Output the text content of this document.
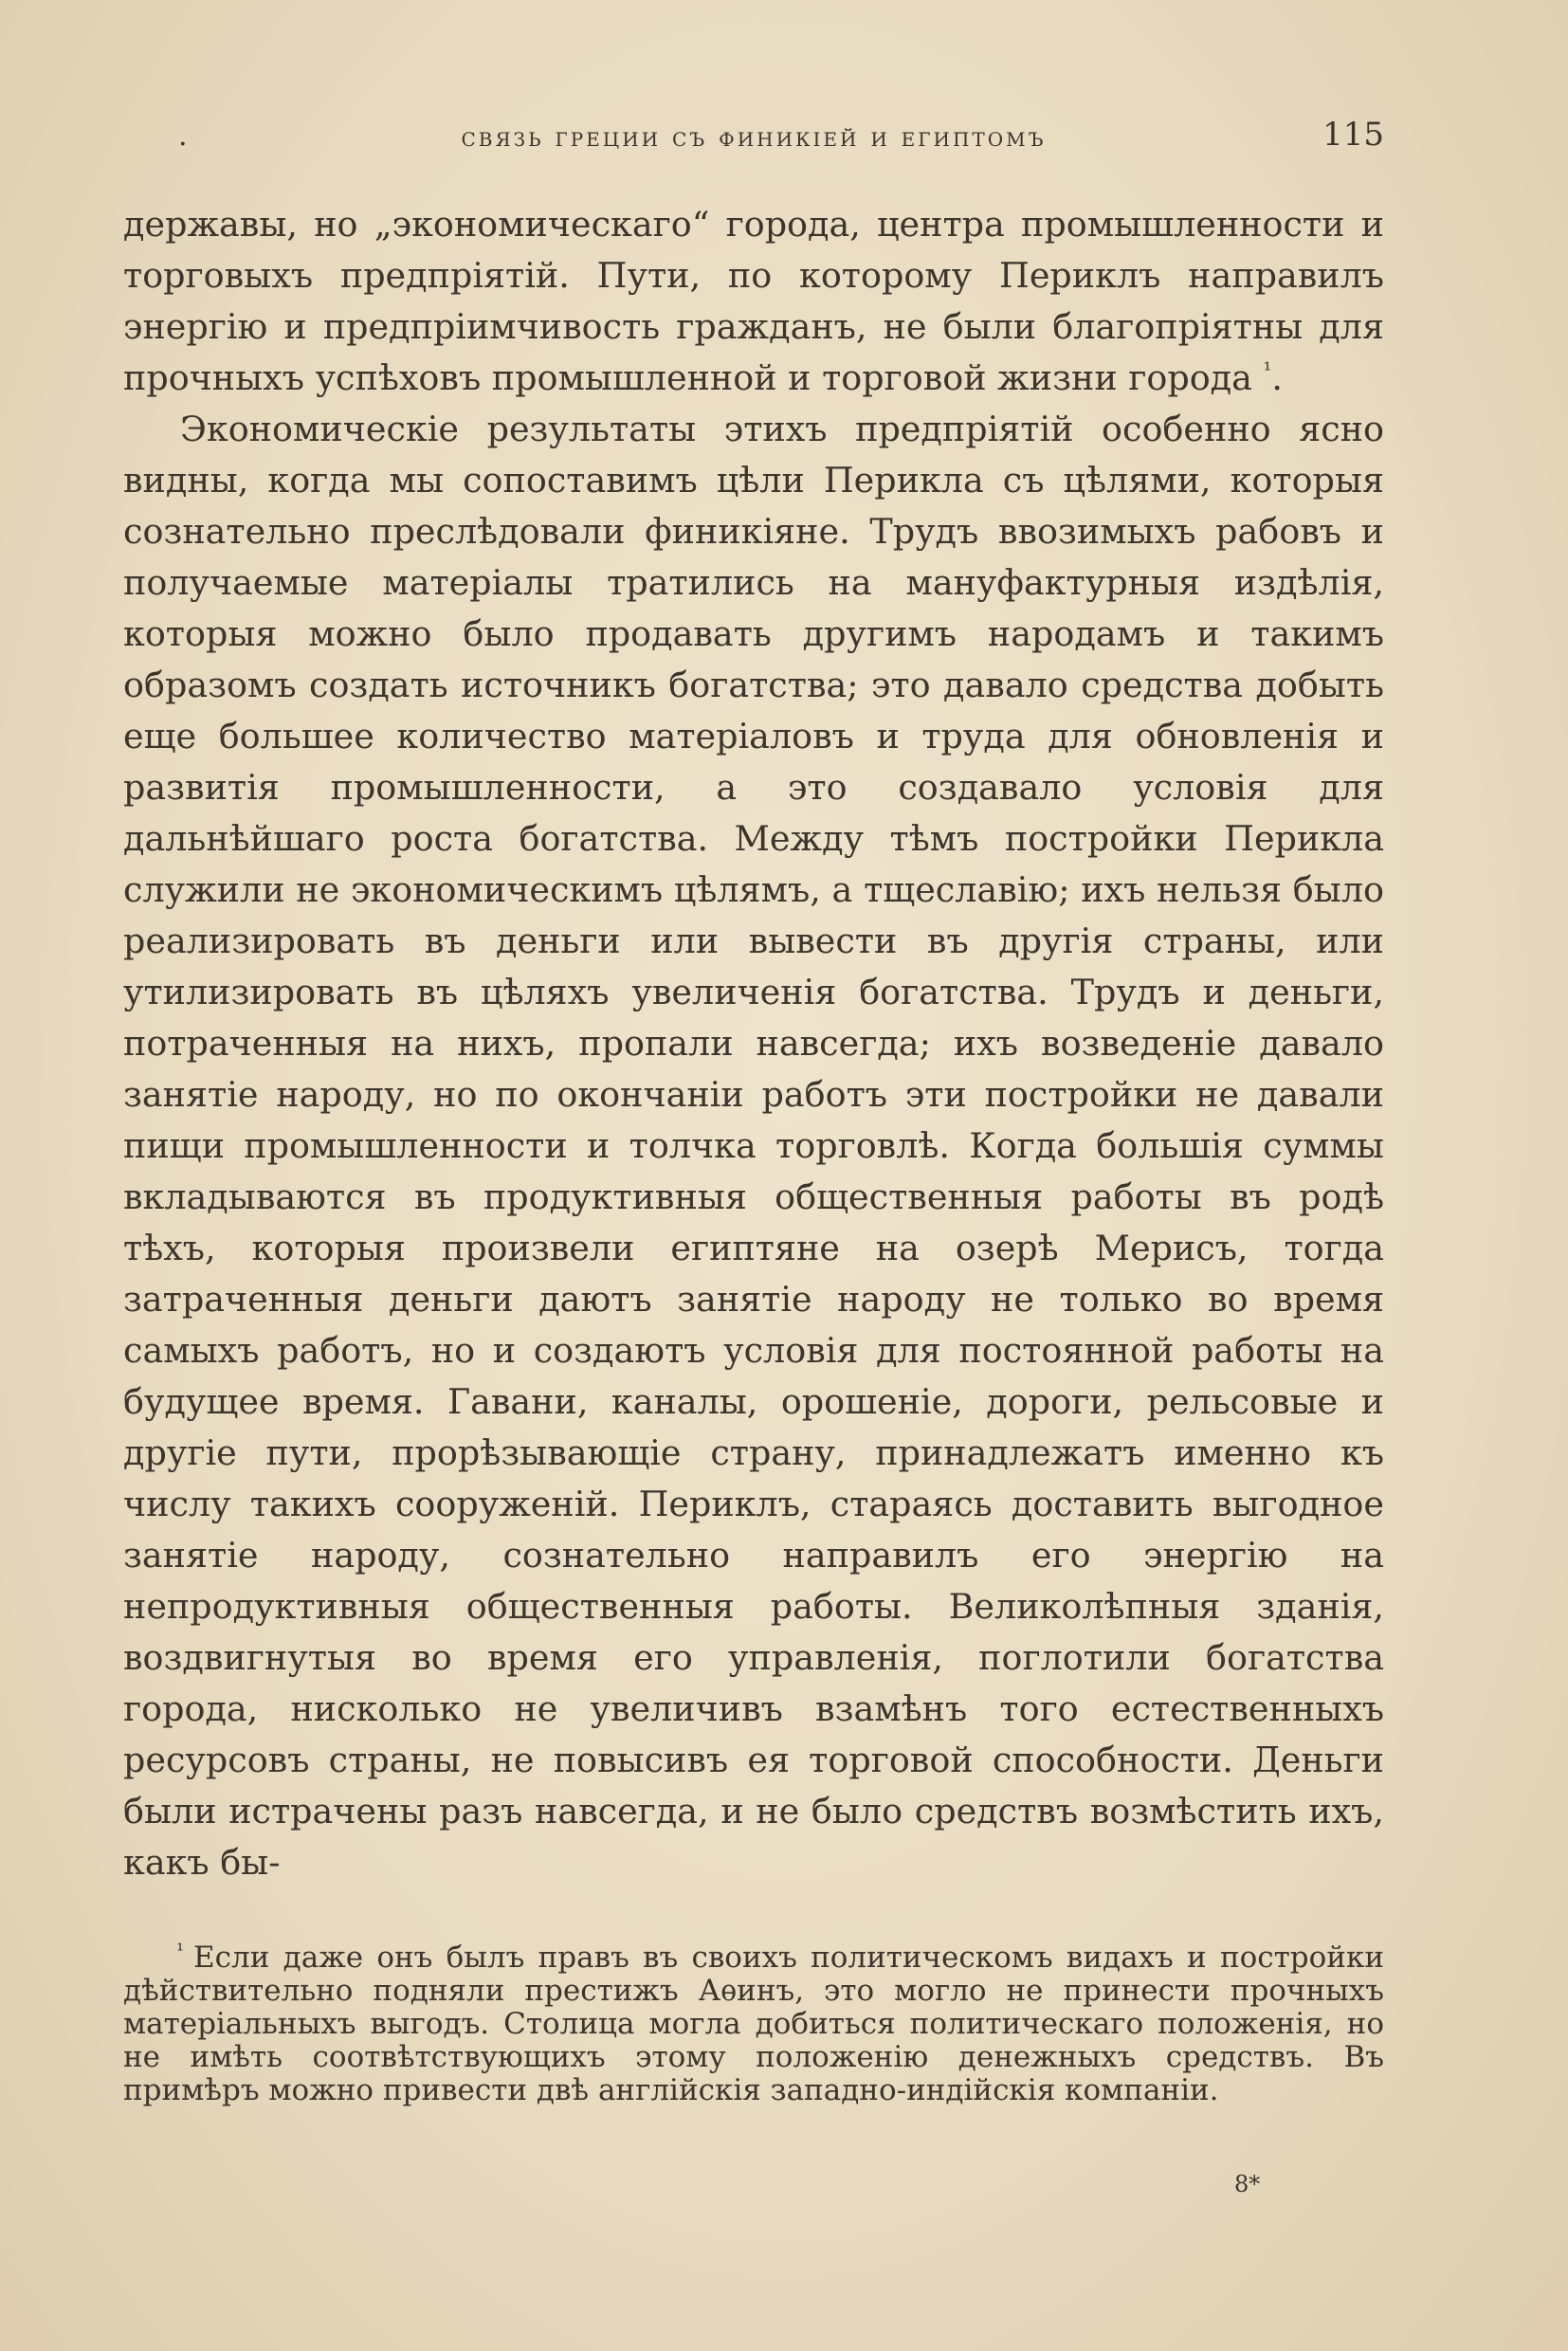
.	связь греции съ финикiей и египтомъ	115

державы, но „экономическаго“ города, центра промышленности и торговыхъ предпрiятiй. Пути, по которому Периклъ направилъ энергiю и предпрiимчивость гражданъ, не были благопрiятны для прочныхъ успѣховъ промышленной и торговой жизни города $^{^1}$.

Экономическiе результаты этихъ предпрiятiй особенно ясно видны, когда мы сопоставимъ цѣли Перикла съ цѣлями, которыя сознательно преслѣдовали финикiяне. Трудъ ввозимыхъ рабовъ и получаемые матерiалы тратились на мануфактурныя издѣлiя, которыя можно было продавать другимъ народамъ и такимъ образомъ создать источникъ богатства; это давало средства добыть еще большее количество матерiаловъ и труда для обновленiя и развитiя промышленности, а это создавало условiя для дальнѣйшаго роста богатства. Между тѣмъ постройки Перикла служили не экономическимъ цѣлямъ, а тщеславiю; ихъ нельзя было реализировать въ деньги или вывести въ другiя страны, или утилизировать въ цѣляхъ увеличенiя богатства. Трудъ и деньги, потраченныя на нихъ, пропали навсегда; ихъ возведенiе давало занятiе народу, но по окончанiи работъ эти постройки не давали пищи промышленности и толчка торговлѣ. Когда большiя суммы вкладываются въ продуктивныя общественныя работы въ родѣ тѣхъ, которыя произвели египтяне на озерѣ Мерисъ, тогда затраченныя деньги даютъ занятiе народу не только во время самыхъ работъ, но и создаютъ условiя для постоянной работы на будущее время. Гавани, каналы, орошенiе, дороги, рельсовые и другiе пути, прорѣзывающiе страну, принадлежатъ именно къ числу такихъ сооруженiй. Периклъ, стараясь доставить выгодное занятiе народу, сознательно направилъ его энергiю на непродуктивныя общественныя работы. Великолѣпныя зданiя, воздвигнутыя во время его управленiя, поглотили богатства города, нисколько не увеличивъ взамѣнъ того естественныхъ ресурсовъ страны, не повысивъ ея торговой способности. Деньги были истрачены разъ навсегда, и не было средствъ возмѣстить ихъ, какъ бы-

$^{^1}$ Если даже онъ былъ правъ въ своихъ политическомъ видахъ и постройки дѣйствительно подняли престижъ Аѳинъ, это могло не принести прочныхъ матерiальныхъ выгодъ. Столица могла добиться политическаго положенiя, но не имѣть соотвѣтствующихъ этому положенiю денежныхъ средствъ. Въ примѣръ можно привести двѣ англiйскiя западно-индiйскiя компанiи.

8*
